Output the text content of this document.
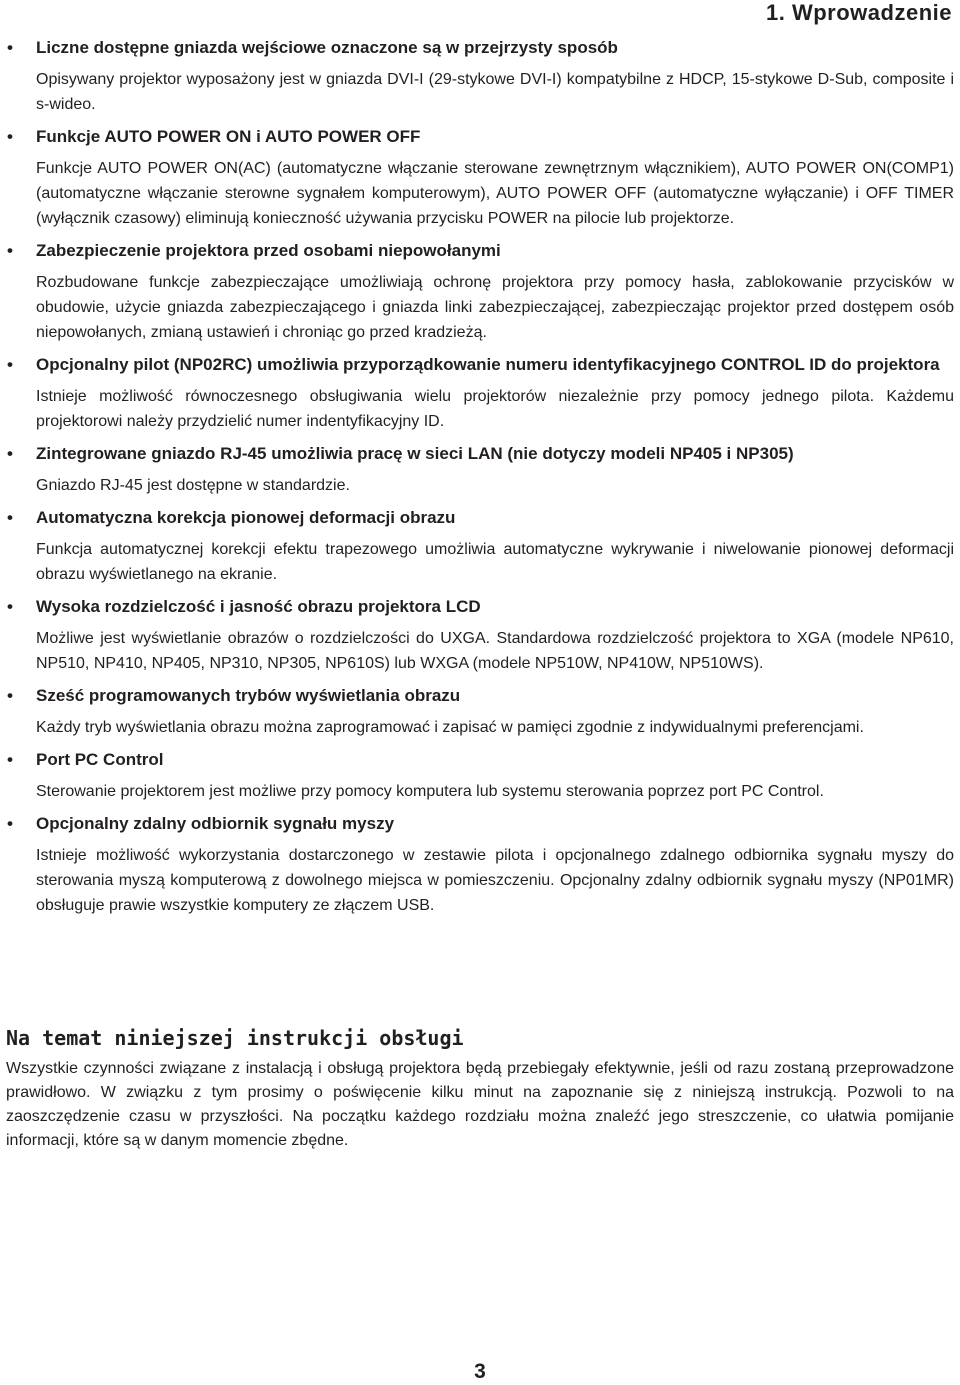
1. Wprowadzenie
• Liczne dostępne gniazda wejściowe oznaczone są w przejrzysty sposób

Opisywany projektor wyposażony jest w gniazda DVI-I (29-stykowe DVI-I) kompatybilne z HDCP, 15-stykowe D-Sub, composite i s-wideo.

• Funkcje AUTO POWER ON i AUTO POWER OFF

Funkcje AUTO POWER ON(AC) (automatyczne włączanie sterowane zewnętrznym włącznikiem), AUTO POWER ON(COMP1) (automatyczne włączanie sterowne sygnałem komputerowym), AUTO POWER OFF (automatyczne wyłączanie) i OFF TIMER (wyłącznik czasowy) eliminują konieczność używania przycisku POWER na pilocie lub projektorze.

• Zabezpieczenie projektora przed osobami niepowołanymi

Rozbudowane funkcje zabezpieczające umożliwiają ochronę projektora przy pomocy hasła, zablokowanie przycisków w obudowie, użycie gniazda zabezpieczającego i gniazda linki zabezpieczającej, zabezpieczając projektor przed dostępem osób niepowołanych, zmianą ustawień i chroniąc go przed kradzieżą.

• Opcjonalny pilot (NP02RC) umożliwia przyporządkowanie numeru identyfikacyjnego CONTROL ID do projektora

Istnieje możliwość równoczesnego obsługiwania wielu projektorów niezależnie przy pomocy jednego pilota. Każdemu projektorowi należy przydzielić numer indentyfikacyjny ID.

• Zintegrowane gniazdo RJ-45 umożliwia pracę w sieci LAN (nie dotyczy modeli NP405 i NP305)

Gniazdo RJ-45 jest dostępne w standardzie.

• Automatyczna korekcja pionowej deformacji obrazu

Funkcja automatycznej korekcji efektu trapezowego umożliwia automatyczne wykrywanie i niwelowanie pionowej deformacji obrazu wyświetlanego na ekranie.

• Wysoka rozdzielczość i jasność obrazu projektora LCD

Możliwe jest wyświetlanie obrazów o rozdzielczości do UXGA. Standardowa rozdzielczość projektora to XGA (modele NP610, NP510, NP410, NP405, NP310, NP305, NP610S) lub WXGA (modele NP510W, NP410W, NP510WS).

• Sześć programowanych trybów wyświetlania obrazu

Każdy tryb wyświetlania obrazu można zaprogramować i zapisać w pamięci zgodnie z indywidualnymi preferencjami.

• Port PC Control

Sterowanie projektorem jest możliwe przy pomocy komputera lub systemu sterowania poprzez port PC Control.

• Opcjonalny zdalny odbiornik sygnału myszy

Istnieje możliwość wykorzystania dostarczonego w zestawie pilota i opcjonalnego zdalnego odbiornika sygnału myszy do sterowania myszą komputerową z dowolnego miejsca w pomieszczeniu. Opcjonalny zdalny odbiornik sygnału myszy (NP01MR) obsługuje prawie wszystkie komputery ze złączem USB.

Na temat niniejszej instrukcji obsługi

Wszystkie czynności związane z instalacją i obsługą projektora będą przebiegały efektywnie, jeśli od razu zostaną przeprowadzone prawidłowo. W związku z tym prosimy o poświęcenie kilku minut na zapoznanie się z niniejszą instrukcją. Pozwoli to na zaoszczędzenie czasu w przyszłości. Na początku każdego rozdziału można znaleźć jego streszczenie, co ułatwia pomijanie informacji, które są w danym momencie zbędne.

3
